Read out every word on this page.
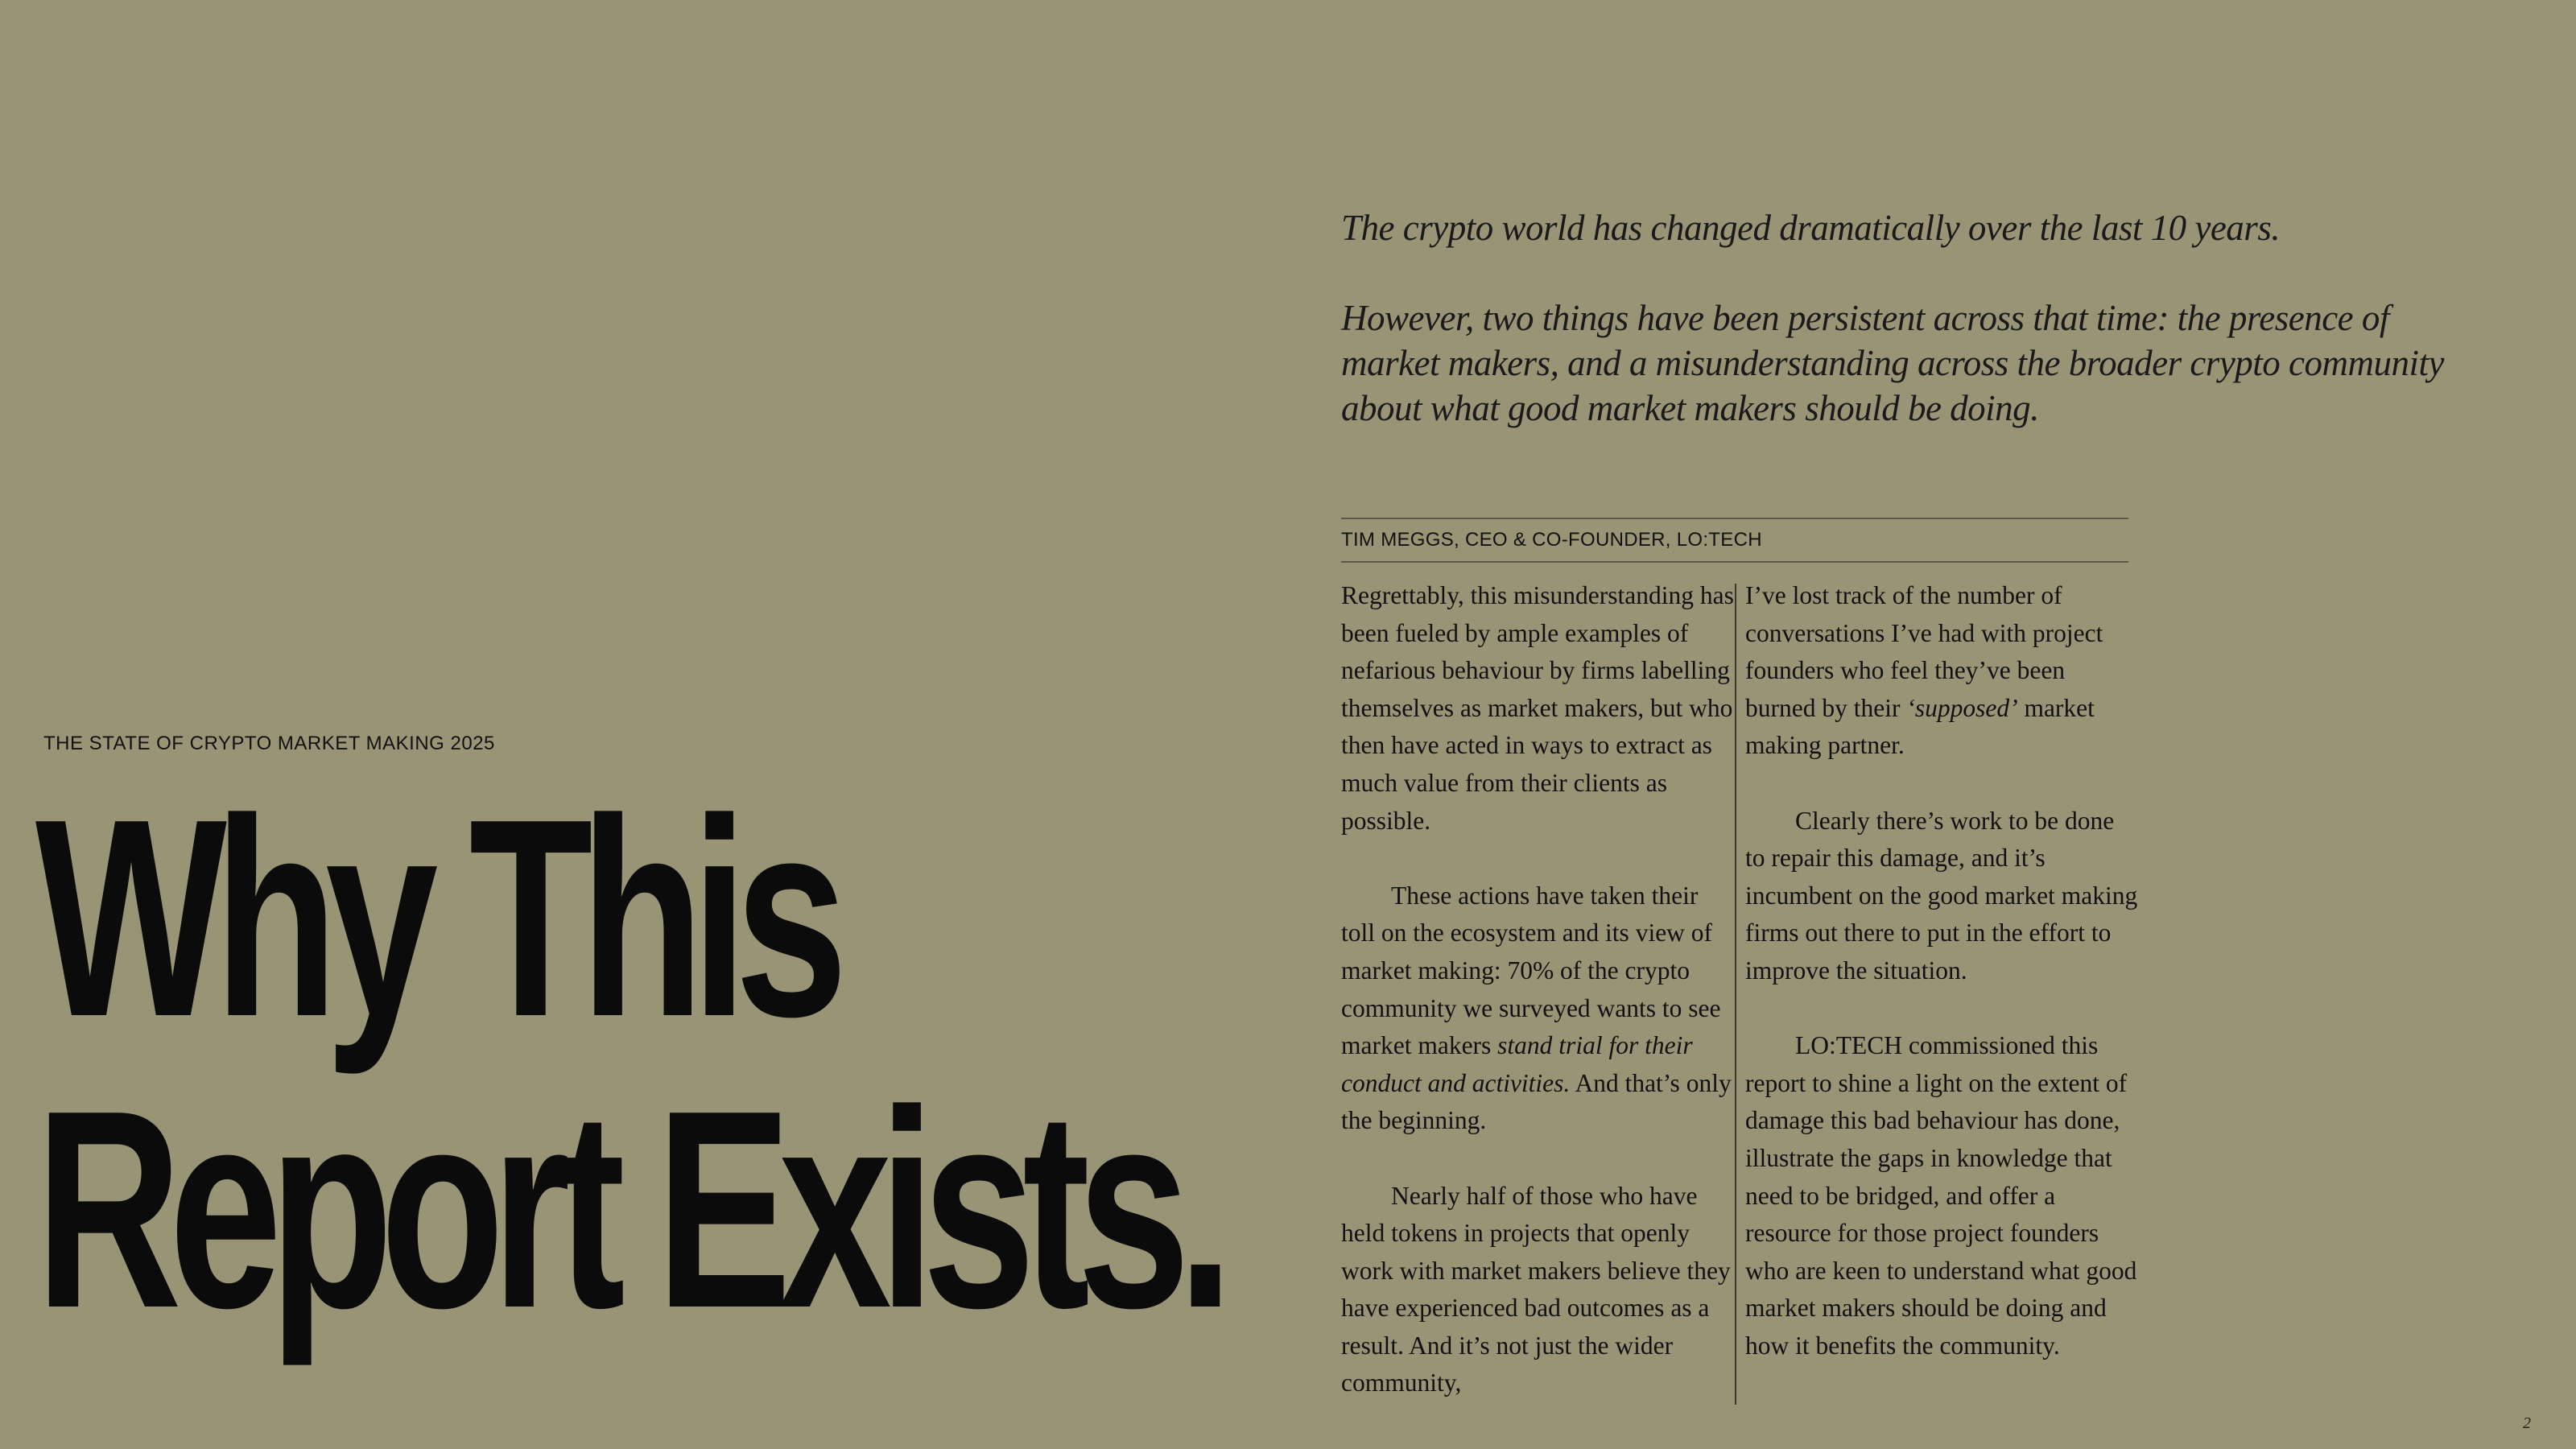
THE STATE OF CRYPTO MARKET MAKING 2025
Why This
Report Exists.

The crypto world has changed dramatically over the last 10 years.

However, two things have been persistent across that time: the presence of market makers, and a misunderstanding across the broader crypto community about what good market makers should be doing.

TIM MEGGS, CEO & CO-FOUNDER, LO:TECH

Regrettably, this misunderstanding has been fueled by ample examples of nefarious behaviour by firms labelling themselves as market makers, but who then have acted in ways to extract as much value from their clients as possible.

These actions have taken their toll on the ecosystem and its view of market making: 70% of the crypto community we surveyed wants to see market makers stand trial for their conduct and activities. And that’s only the beginning.

Nearly half of those who have held tokens in projects that openly work with market makers believe they have experienced bad outcomes as a result. And it’s not just the wider community,

I’ve lost track of the number of conversations I’ve had with project founders who feel they’ve been burned by their ‘supposed’ market making partner.

Clearly there’s work to be done to repair this damage, and it’s incumbent on the good market making firms out there to put in the effort to improve the situation.

LO:TECH commissioned this report to shine a light on the extent of damage this bad behaviour has done, illustrate the gaps in knowledge that need to be bridged, and offer a resource for those project founders who are keen to understand what good market makers should be doing and how it benefits the community.

2
